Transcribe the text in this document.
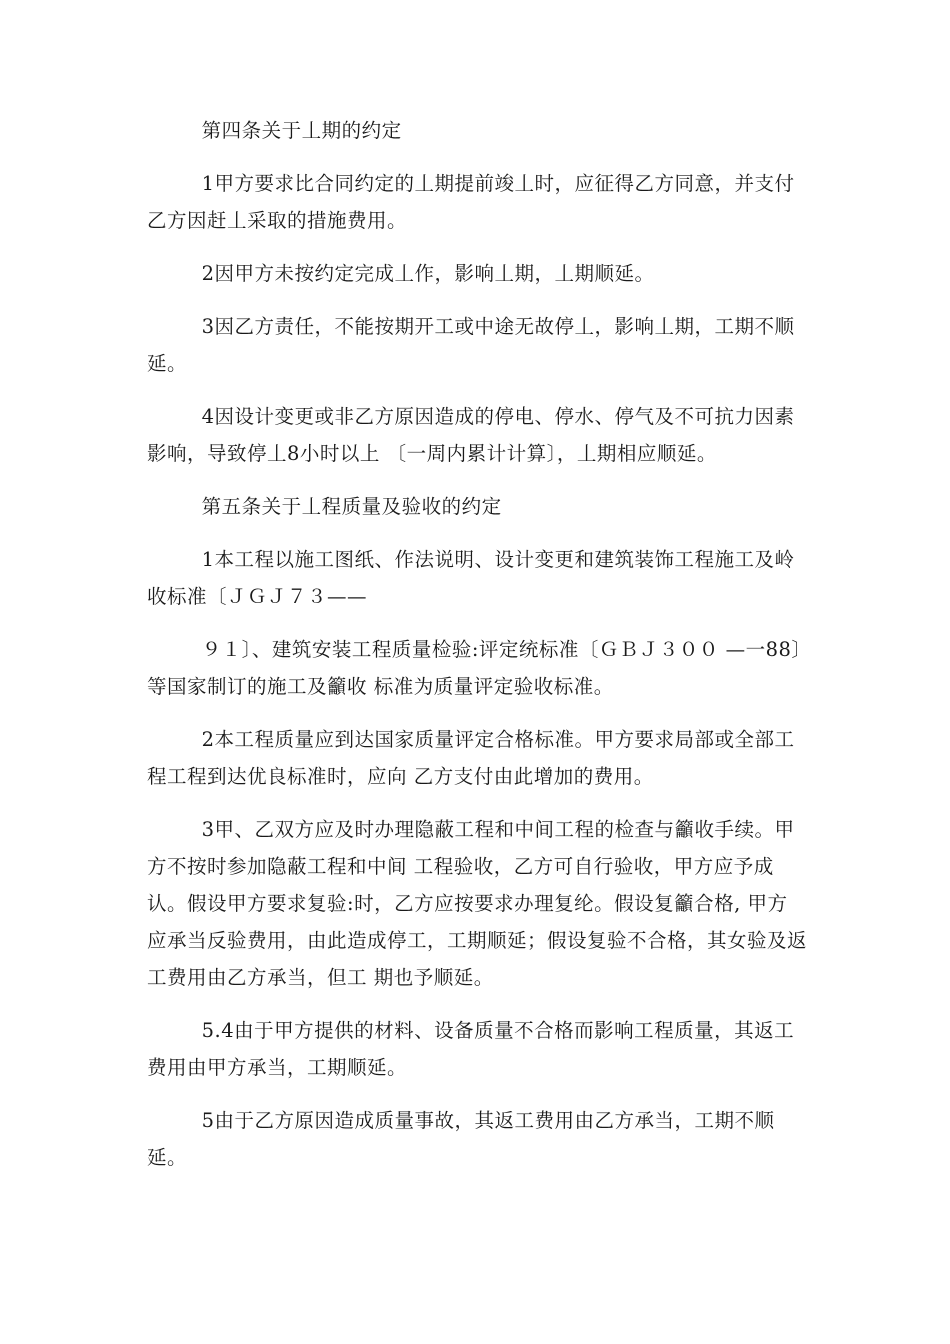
第四条关于丄期的约定

1甲方要求比合同约定的丄期提前竣丄时，应征得乙方同意，并支付乙方因赶丄采取的措施费用。

2因甲方未按约定完成丄作，影响丄期，丄期顺延。

3因乙方责任，不能按期开工或中途无故停丄，影响丄期，工期不顺延。

4因设计变更或非乙方原因造成的停电、停水、停气及不可抗力因素影响，导致停丄8小时以上 〔一周内累计计算〕，丄期相应顺延。

第五条关于丄程质量及验收的约定

1本工程以施工图纸、作法说明、设计变更和建筑装饰工程施工及岭收标准〔ＪＧＪ７３——

９１〕、建筑安装工程质量检验:评定统标准〔ＧＢＪ３００ —一88〕等国家制订的施工及籲收 标准为质量评定验收标准。

2本工程质量应到达国家质量评定合格标准。甲方要求局部或全部工程工程到达优良标准时，应向 乙方支付由此增加的费用。

3甲、乙双方应及时办理隐蔽工程和中间工程的检查与籲收手续。甲方不按时参加隐蔽工程和中间 工程验收，乙方可自行验收，甲方应予成认。假设甲方要求复验:时，乙方应按要求办理复纶。假设复籲合格, 甲方应承当反验费用，由此造成停工，工期顺延；假设复验不合格，其女验及返工费用由乙方承当，但工 期也予顺延。

5.4由于甲方提供的材料、设备质量不合格而影响工程质量，其返工费用由甲方承当，工期顺延。

5由于乙方原因造成质量事故，其返工费用由乙方承当，工期不顺延。
